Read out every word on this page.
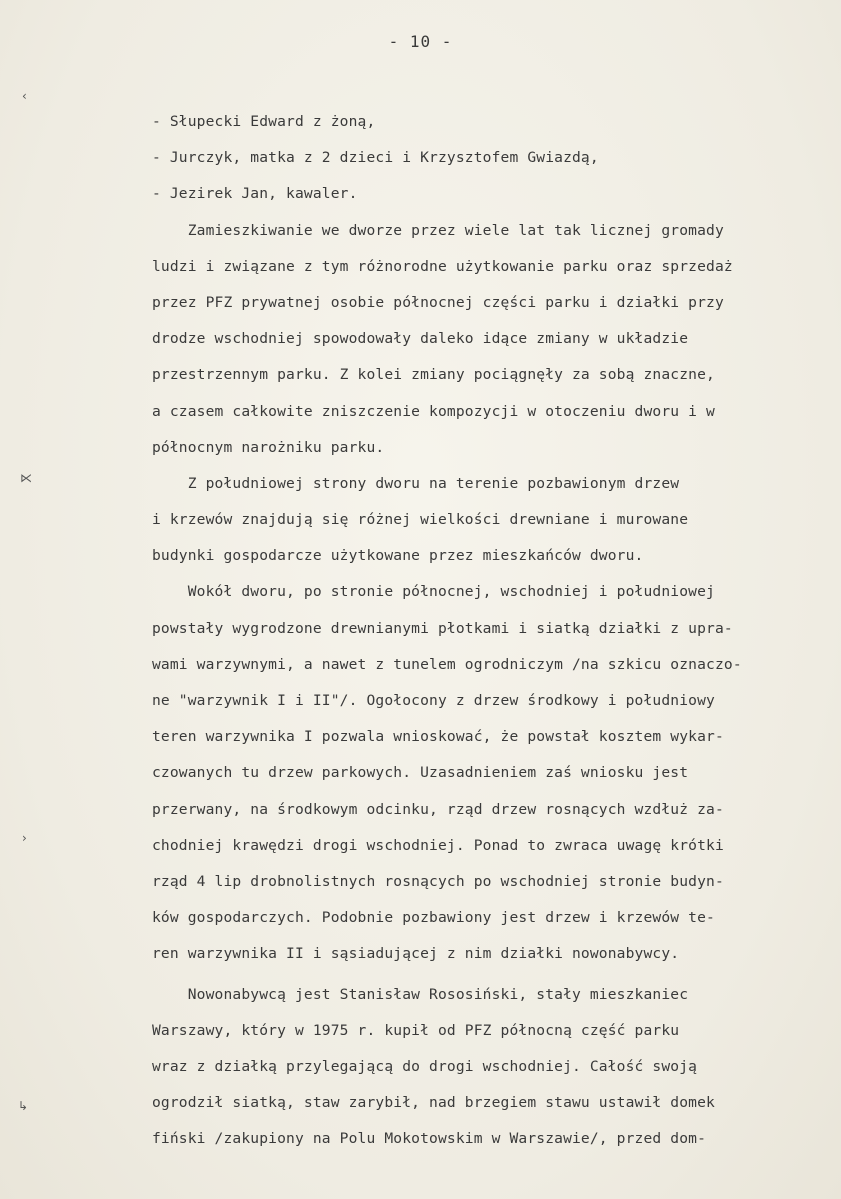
- 10 -
‹
⋉
›
↳
- Słupecki Edward z żoną,
- Jurczyk, matka z 2 dzieci i Krzysztofem Gwiazdą,
- Jezirek Jan, kawaler.
Zamieszkiwanie we dworze przez wiele lat tak licznej gromady
ludzi i związane z tym różnorodne użytkowanie parku oraz sprzedaż
przez PFZ prywatnej osobie północnej części parku i działki przy
drodze wschodniej spowodowały daleko idące zmiany w układzie
przestrzennym parku. Z kolei zmiany pociągnęły za sobą znaczne,
a czasem całkowite zniszczenie kompozycji w otoczeniu dworu i w
północnym narożniku parku.
Z południowej strony dworu na terenie pozbawionym drzew
i krzewów znajdują się różnej wielkości drewniane i murowane
budynki gospodarcze użytkowane przez mieszkańców dworu.
Wokół dworu, po stronie północnej, wschodniej i południowej
powstały wygrodzone drewnianymi płotkami i siatką działki z upra-
wami warzywnymi, a nawet z tunelem ogrodniczym /na szkicu oznaczo-
ne "warzywnik I i II"/. Ogołocony z drzew środkowy i południowy
teren warzywnika I pozwala wnioskować, że powstał kosztem wykar-
czowanych tu drzew parkowych. Uzasadnieniem zaś wniosku jest
przerwany, na środkowym odcinku, rząd drzew rosnących wzdłuż za-
chodniej krawędzi drogi wschodniej. Ponad to zwraca uwagę krótki
rząd 4 lip drobnolistnych rosnących po wschodniej stronie budyn-
ków gospodarczych. Podobnie pozbawiony jest drzew i krzewów te-
ren warzywnika II i sąsiadującej z nim działki nowonabywcy.
Nowonabywcą jest Stanisław Rososiński, stały mieszkaniec
Warszawy, który w 1975 r. kupił od PFZ północną część parku
wraz z działką przylegającą do drogi wschodniej. Całość swoją
ogrodził siatką, staw zarybił, nad brzegiem stawu ustawił domek
fiński /zakupiony na Polu Mokotowskim w Warszawie/, przed dom-
